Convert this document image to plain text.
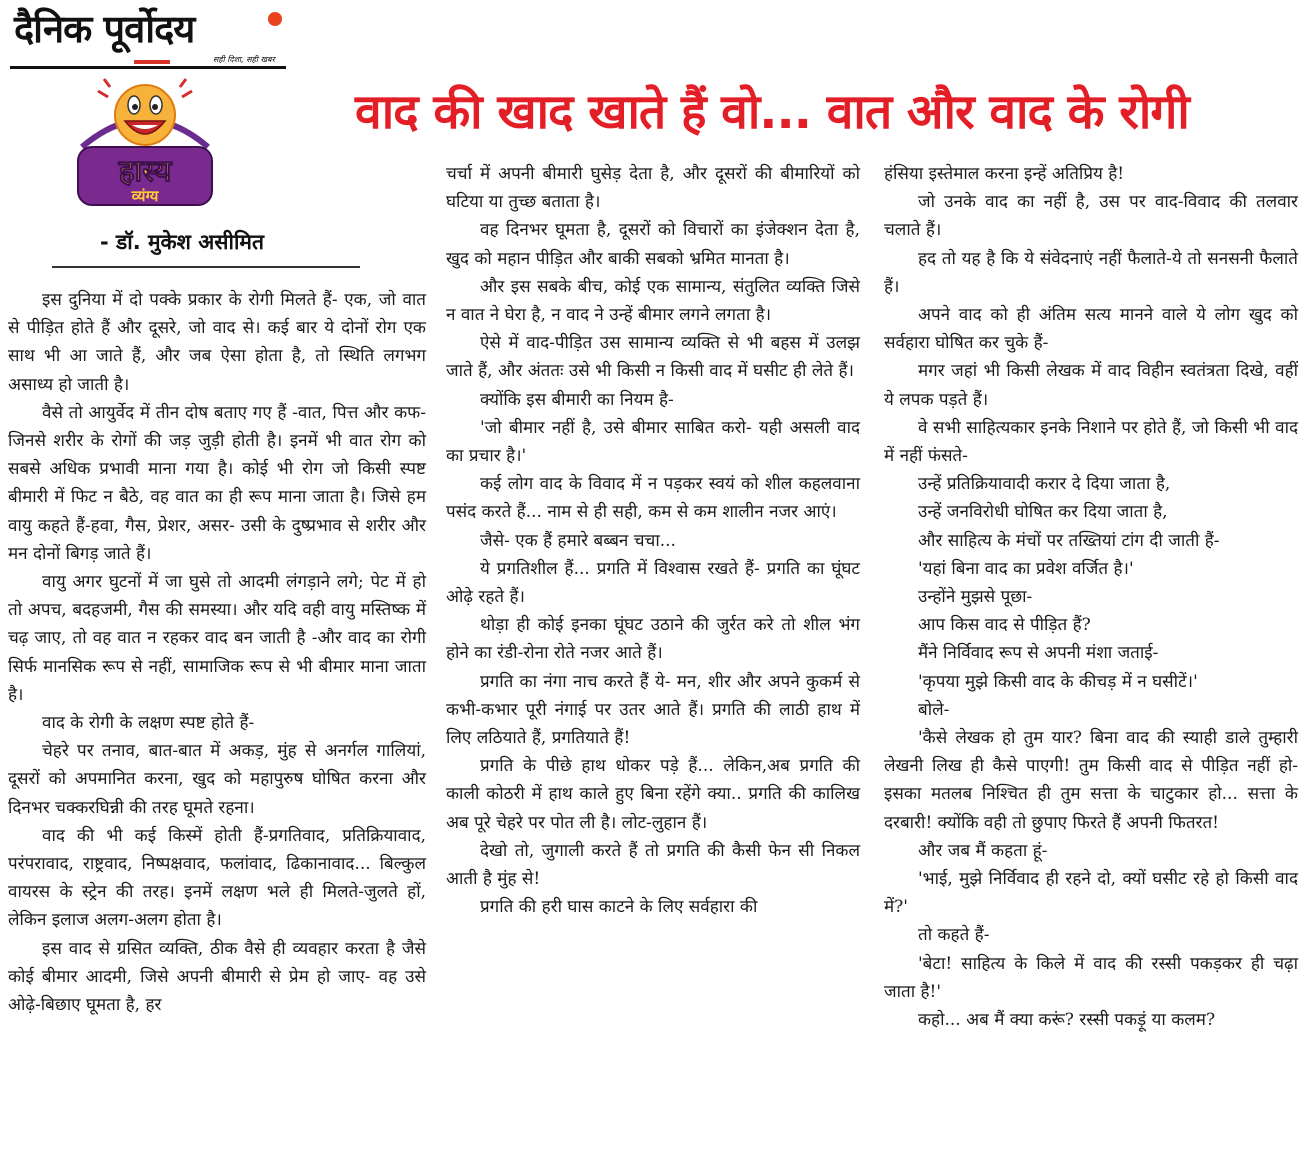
दैनिक पूर्वोदय
सही दिशा, सही खबर
हास्य
व्यंग्य
वाद की खाद खाते हैं वो... वात और वाद के रोगी
- डॉ. मुकेश असीमित

इस दुनिया में दो पक्के प्रकार के रोगी मिलते हैं- एक, जो वात से पीड़ित होते हैं और दूसरे, जो वाद से। कई बार ये दोनों रोग एक साथ भी आ जाते हैं, और जब ऐसा होता है, तो स्थिति लगभग असाध्य हो जाती है।

वैसे तो आयुर्वेद में तीन दोष बताए गए हैं -वात, पित्त और कफ- जिनसे शरीर के रोगों की जड़ जुड़ी होती है। इनमें भी वात रोग को सबसे अधिक प्रभावी माना गया है। कोई भी रोग जो किसी स्पष्ट बीमारी में फिट न बैठे, वह वात का ही रूप माना जाता है। जिसे हम वायु कहते हैं-हवा, गैस, प्रेशर, असर- उसी के दुष्प्रभाव से शरीर और मन दोनों बिगड़ जाते हैं।

वायु अगर घुटनों में जा घुसे तो आदमी लंगड़ाने लगे; पेट में हो तो अपच, बदहजमी, गैस की समस्या। और यदि वही वायु मस्तिष्क में चढ़ जाए, तो वह वात न रहकर वाद बन जाती है -और वाद का रोगी सिर्फ मानसिक रूप से नहीं, सामाजिक रूप से भी बीमार माना जाता है।

वाद के रोगी के लक्षण स्पष्ट होते हैं-

चेहरे पर तनाव, बात-बात में अकड़, मुंह से अनर्गल गालियां, दूसरों को अपमानित करना, खुद को महापुरुष घोषित करना और दिनभर चक्करघिन्नी की तरह घूमते रहना।

वाद की भी कई किस्में होती हैं-प्रगतिवाद, प्रतिक्रियावाद, परंपरावाद, राष्ट्रवाद, निष्पक्षवाद, फलांवाद, ढिकानावाद... बिल्कुल वायरस के स्ट्रेन की तरह। इनमें लक्षण भले ही मिलते-जुलते हों, लेकिन इलाज अलग-अलग होता है।

इस वाद से ग्रसित व्यक्ति, ठीक वैसे ही व्यवहार करता है जैसे कोई बीमार आदमी, जिसे अपनी बीमारी से प्रेम हो जाए- वह उसे ओढ़े-बिछाए घूमता है, हर

चर्चा में अपनी बीमारी घुसेड़ देता है, और दूसरों की बीमारियों को घटिया या तुच्छ बताता है।

वह दिनभर घूमता है, दूसरों को विचारों का इंजेक्शन देता है, खुद को महान पीड़ित और बाकी सबको भ्रमित मानता है।

और इस सबके बीच, कोई एक सामान्य, संतुलित व्यक्ति जिसे न वात ने घेरा है, न वाद ने उन्हें बीमार लगने लगता है।

ऐसे में वाद-पीड़ित उस सामान्य व्यक्ति से भी बहस में उलझ जाते हैं, और अंततः उसे भी किसी न किसी वाद में घसीट ही लेते हैं।

क्योंकि इस बीमारी का नियम है-

'जो बीमार नहीं है, उसे बीमार साबित करो- यही असली वाद का प्रचार है।'

कई लोग वाद के विवाद में न पड़कर स्वयं को शील कहलवाना पसंद करते हैं... नाम से ही सही, कम से कम शालीन नजर आएं।

जैसे- एक हैं हमारे बब्बन चचा...

ये प्रगतिशील हैं... प्रगति में विश्वास रखते हैं- प्रगति का घूंघट ओढ़े रहते हैं।

थोड़ा ही कोई इनका घूंघट उठाने की जुर्रत करे तो शील भंग होने का रंडी-रोना रोते नजर आते हैं।

प्रगति का नंगा नाच करते हैं ये- मन, शीर और अपने कुकर्म से कभी-कभार पूरी नंगाई पर उतर आते हैं। प्रगति की लाठी हाथ में लिए लठियाते हैं, प्रगतियाते हैं!

प्रगति के पीछे हाथ धोकर पड़े हैं... लेकिन,अब प्रगति की काली कोठरी में हाथ काले हुए बिना रहेंगे क्या.. प्रगति की कालिख अब पूरे चेहरे पर पोत ली है। लोट-लुहान हैं।

देखो तो, जुगाली करते हैं तो प्रगति की कैसी फेन सी निकल आती है मुंह से!

प्रगति की हरी घास काटने के लिए सर्वहारा की

हंसिया इस्तेमाल करना इन्हें अतिप्रिय है!

जो उनके वाद का नहीं है, उस पर वाद-विवाद की तलवार चलाते हैं।

हद तो यह है कि ये संवेदनाएं नहीं फैलाते-ये तो सनसनी फैलाते हैं।

अपने वाद को ही अंतिम सत्य मानने वाले ये लोग खुद को सर्वहारा घोषित कर चुके हैं-

मगर जहां भी किसी लेखक में वाद विहीन स्वतंत्रता दिखे, वहीं ये लपक पड़ते हैं।

वे सभी साहित्यकार इनके निशाने पर होते हैं, जो किसी भी वाद में नहीं फंसते-

उन्हें प्रतिक्रियावादी करार दे दिया जाता है,

उन्हें जनविरोधी घोषित कर दिया जाता है,

और साहित्य के मंचों पर तख्तियां टांग दी जाती हैं-

'यहां बिना वाद का प्रवेश वर्जित है।'

उन्होंने मुझसे पूछा-

आप किस वाद से पीड़ित हैं?

मैंने निर्विवाद रूप से अपनी मंशा जताई-

'कृपया मुझे किसी वाद के कीचड़ में न घसीटें।'

बोले-

'कैसे लेखक हो तुम यार? बिना वाद की स्याही डाले तुम्हारी लेखनी लिख ही कैसे पाएगी! तुम किसी वाद से पीड़ित नहीं हो- इसका मतलब निश्चित ही तुम सत्ता के चाटुकार हो... सत्ता के दरबारी! क्योंकि वही तो छुपाए फिरते हैं अपनी फितरत!

और जब मैं कहता हूं-

'भाई, मुझे निर्विवाद ही रहने दो, क्यों घसीट रहे हो किसी वाद में?'

तो कहते हैं-

'बेटा! साहित्य के किले में वाद की रस्सी पकड़कर ही चढ़ा जाता है!'

कहो... अब मैं क्या करूं? रस्सी पकड़ूं या कलम?
